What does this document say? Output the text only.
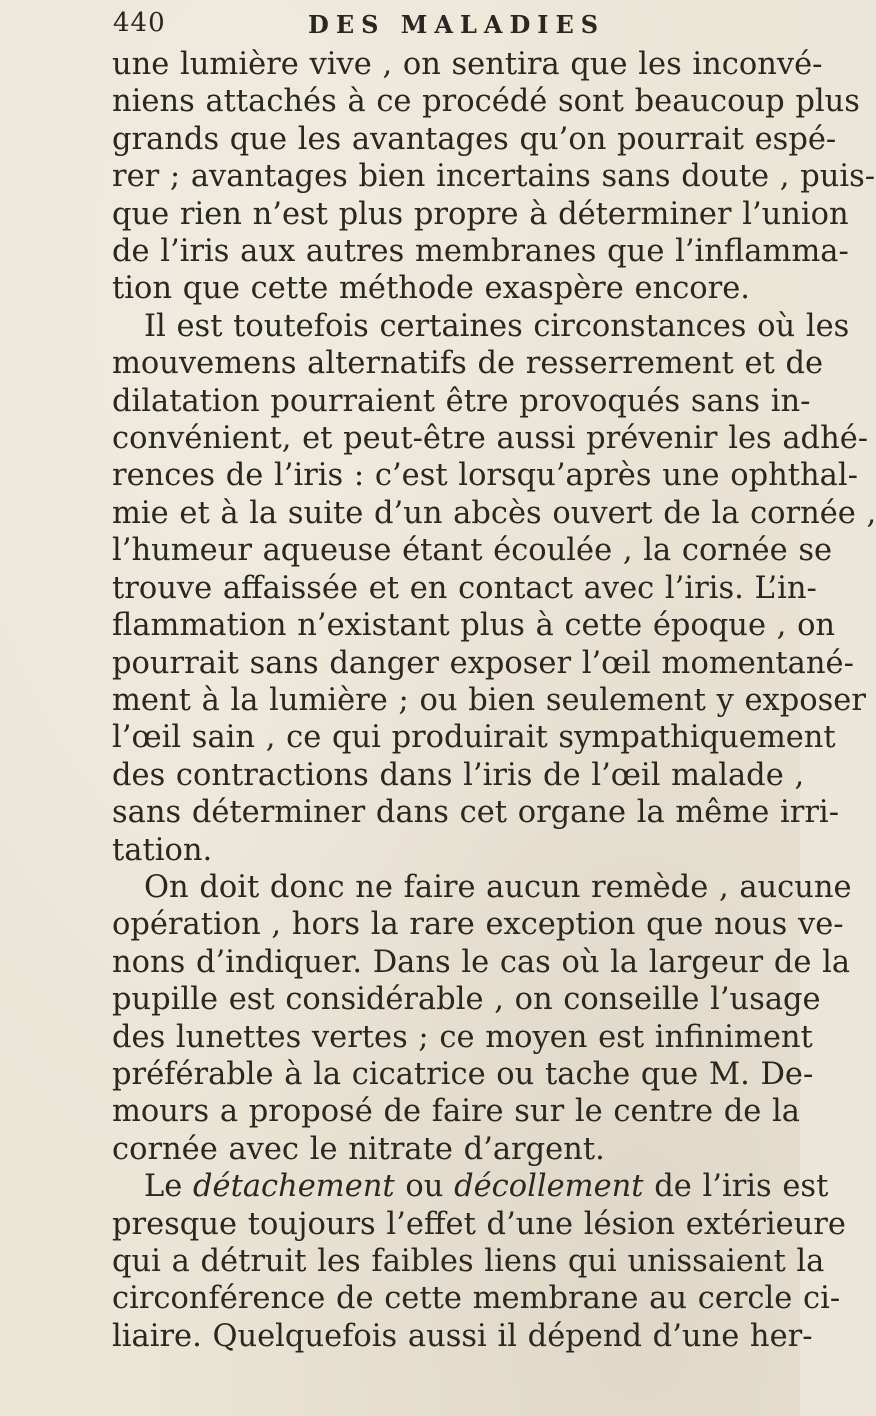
440	DES MALADIES
une lumière vive , on sentira que les inconvé-
niens attachés à ce procédé sont beaucoup plus
grands que les avantages qu’on pourrait espé-
rer ; avantages bien incertains sans doute , puis-
que rien n’est plus propre à déterminer l’union
de l’iris aux autres membranes que l’inflamma-
tion que cette méthode exaspère encore.
Il est toutefois certaines circonstances où les
mouvemens alternatifs de resserrement et de
dilatation pourraient être provoqués sans in-
convénient, et peut-être aussi prévenir les adhé-
rences de l’iris : c’est lorsqu’après une ophthal-
mie et à la suite d’un abcès ouvert de la cornée ,
l’humeur aqueuse étant écoulée , la cornée se
trouve affaissée et en contact avec l’iris. L’in-
flammation n’existant plus à cette époque , on
pourrait sans danger exposer l’œil momentané-
ment à la lumière ; ou bien seulement y exposer
l’œil sain , ce qui produirait sympathiquement
des contractions dans l’iris de l’œil malade ,
sans déterminer dans cet organe la même irri-
tation.
On doit donc ne faire aucun remède , aucune
opération , hors la rare exception que nous ve-
nons d’indiquer. Dans le cas où la largeur de la
pupille est considérable , on conseille l’usage
des lunettes vertes ; ce moyen est infiniment
préférable à la cicatrice ou tache que M. De-
mours a proposé de faire sur le centre de la
cornée avec le nitrate d’argent.
Le détachement ou décollement de l’iris est
presque toujours l’effet d’une lésion extérieure
qui a détruit les faibles liens qui unissaient la
circonférence de cette membrane au cercle ci-
liaire. Quelquefois aussi il dépend d’une her-
